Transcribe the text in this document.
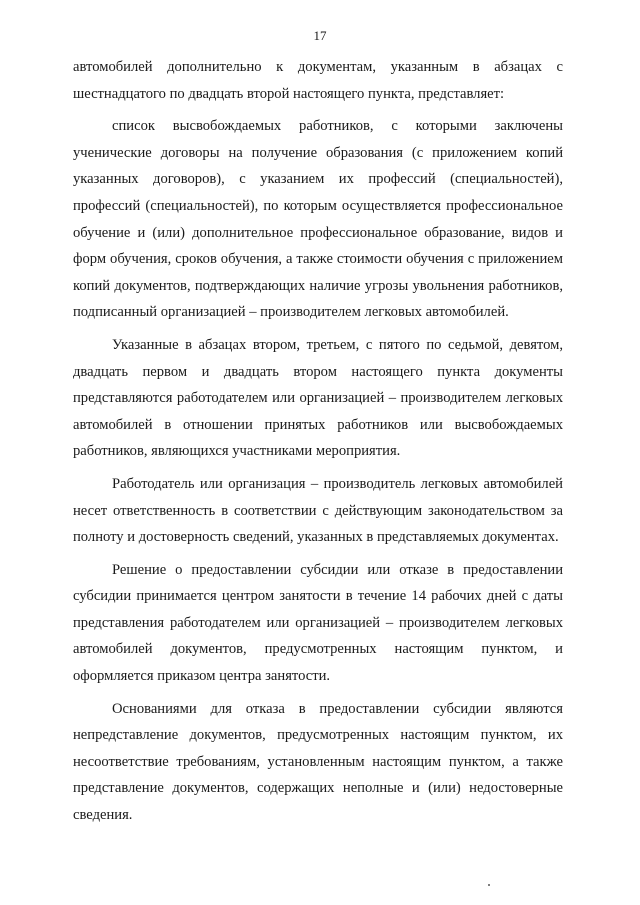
17

автомобилей дополнительно к документам, указанным в абзацах с шестнадцатого по двадцать второй настоящего пункта, представляет:

список высвобождаемых работников, с которыми заключены ученические договоры на получение образования (с приложением копий указанных договоров), с указанием их профессий (специальностей), профессий (специальностей), по которым осуществляется профессиональное обучение и (или) дополнительное профессиональное образование, видов и форм обучения, сроков обучения, а также стоимости обучения с приложением копий документов, подтверждающих наличие угрозы увольнения работников, подписанный организацией – производителем легковых автомобилей.

Указанные в абзацах втором, третьем, с пятого по седьмой, девятом, двадцать первом и двадцать втором настоящего пункта документы представляются работодателем или организацией – производителем легковых автомобилей в отношении принятых работников или высвобождаемых работников, являющихся участниками мероприятия.

Работодатель или организация – производитель легковых автомобилей несет ответственность в соответствии с действующим законодательством за полноту и достоверность сведений, указанных в представляемых документах.

Решение о предоставлении субсидии или отказе в предоставлении субсидии принимается центром занятости в течение 14 рабочих дней с даты представления работодателем или организацией – производителем легковых автомобилей документов, предусмотренных настоящим пунктом, и оформляется приказом центра занятости.

Основаниями для отказа в предоставлении субсидии являются непредставление документов, предусмотренных настоящим пунктом, их несоответствие требованиям, установленным настоящим пунктом, а также представление документов, содержащих неполные и (или) недостоверные сведения.
